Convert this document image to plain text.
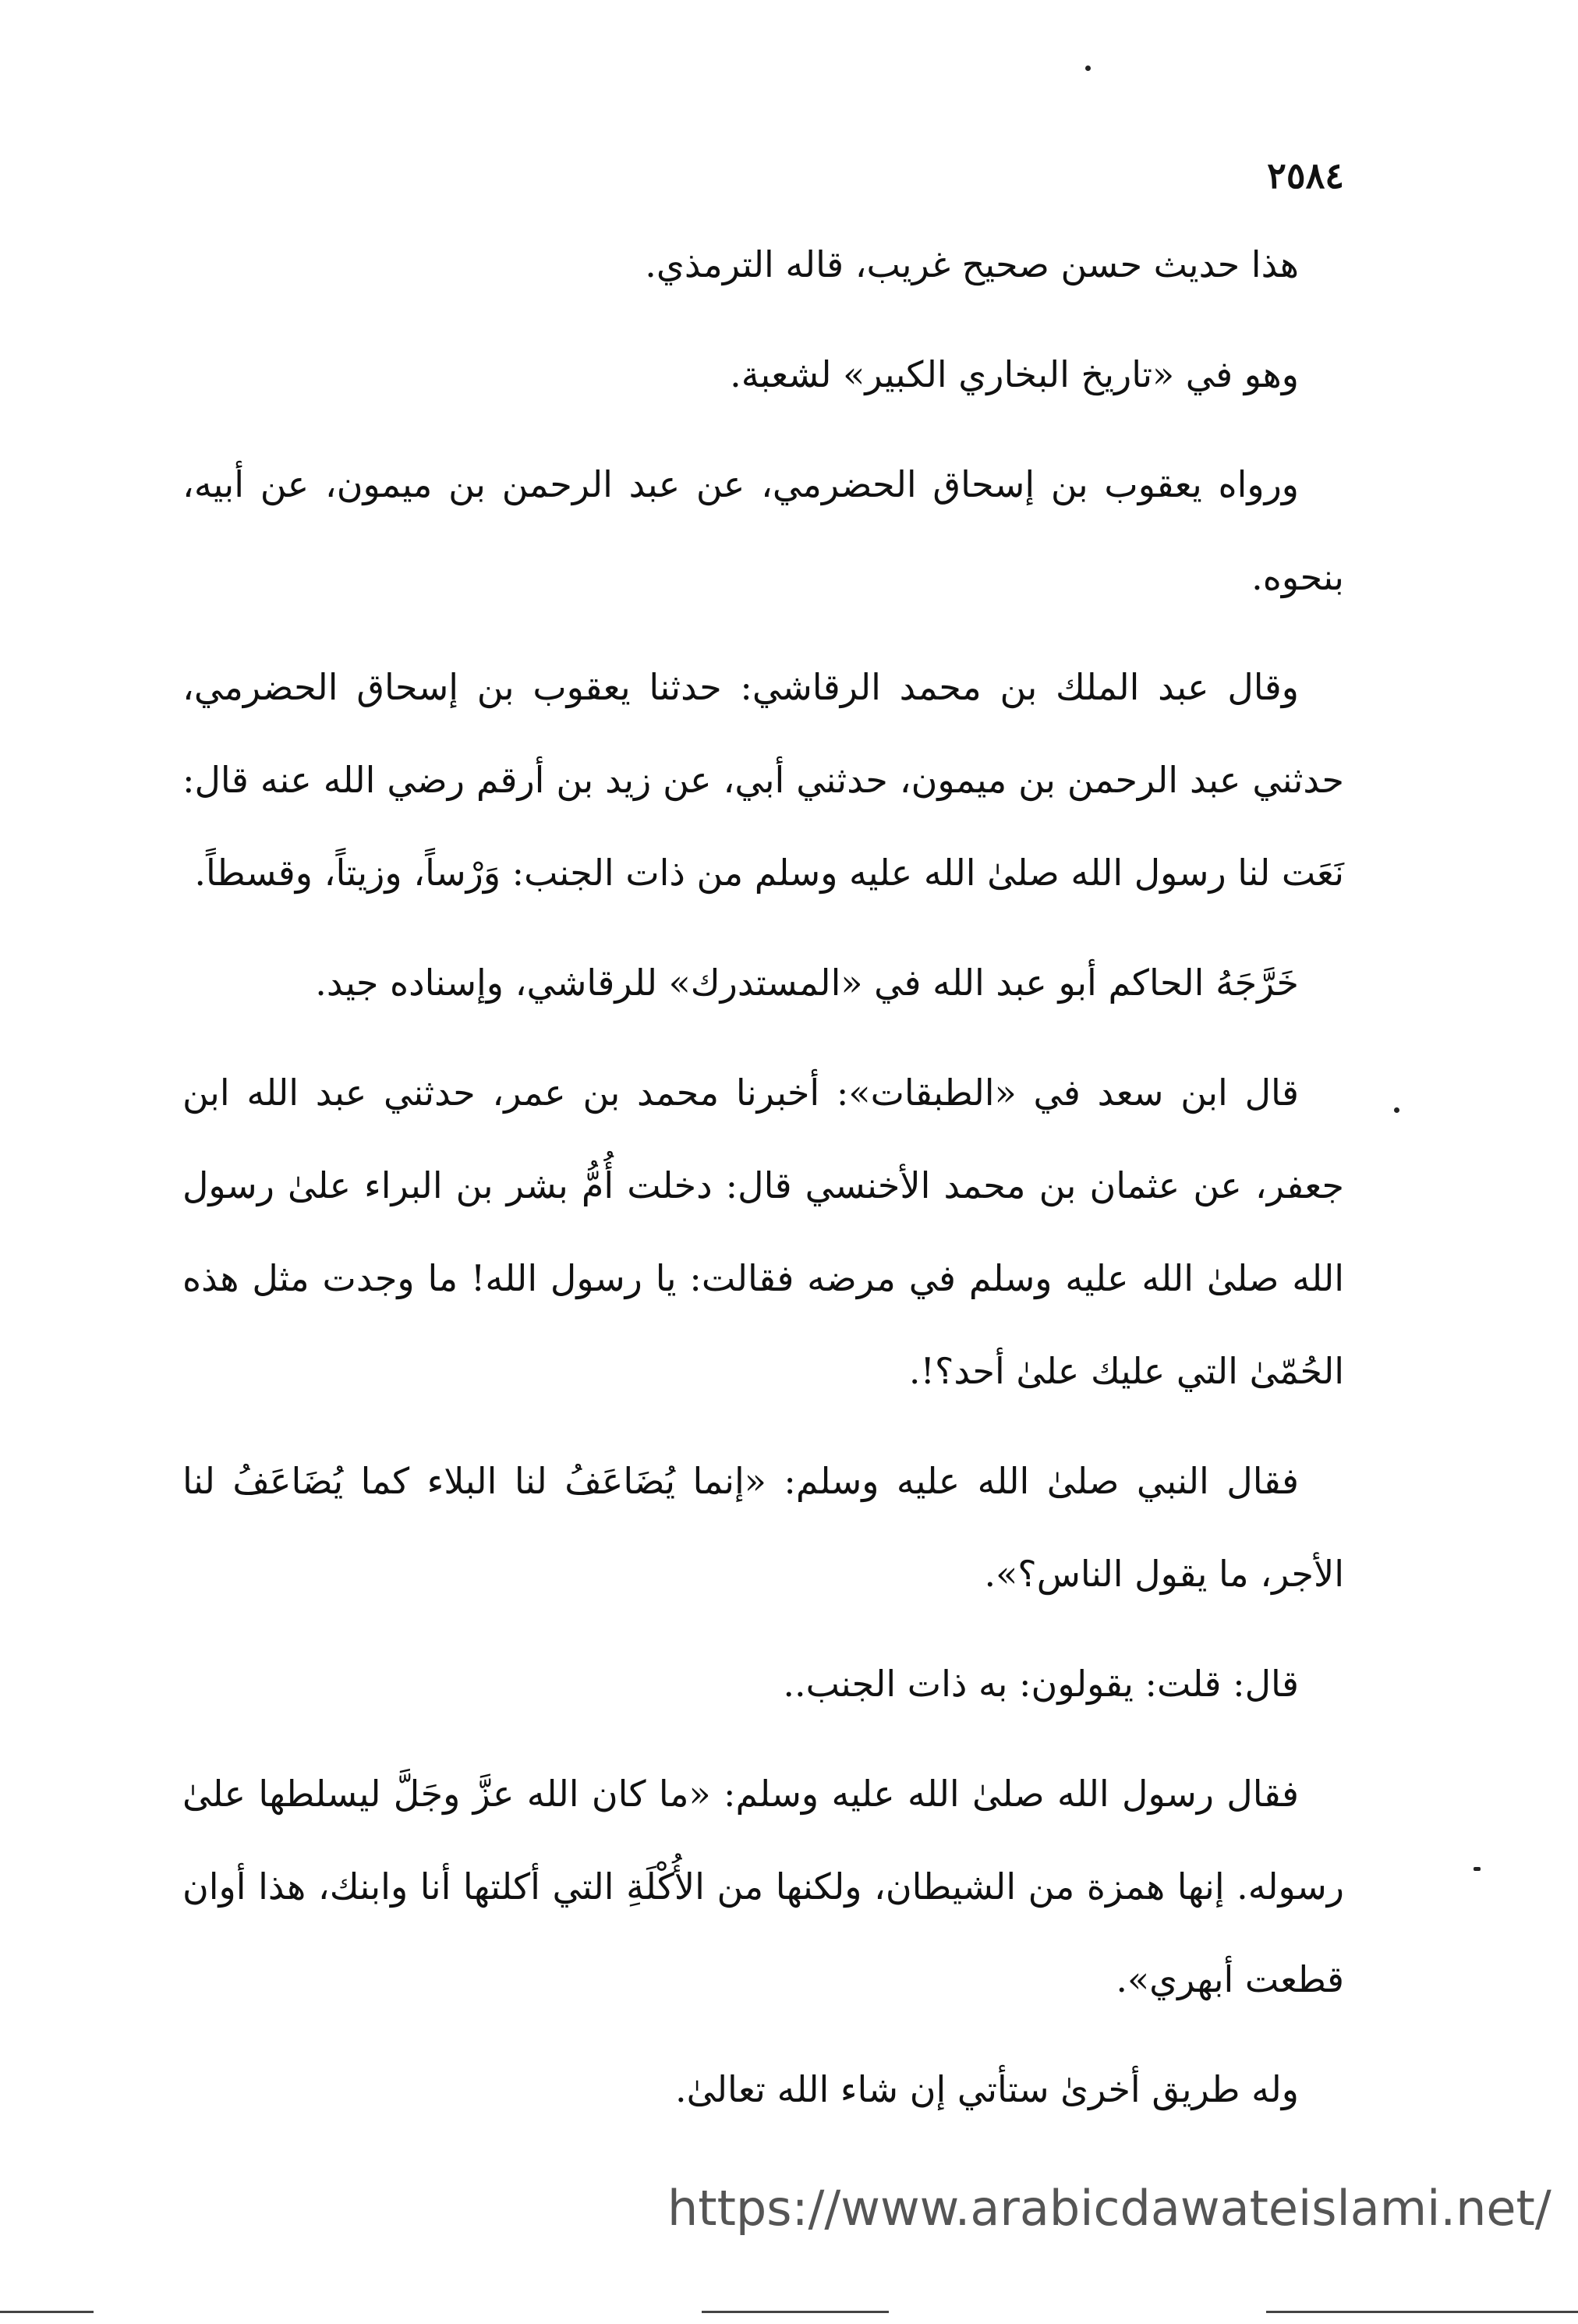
٢٥٨٤

هذا حديث حسن صحيح غريب، قاله الترمذي.

وهو في «تاريخ البخاري الكبير» لشعبة.

ورواه يعقوب بن إسحاق الحضرمي، عن عبد الرحمن بن ميمون، عن أبيه، بنحوه.

وقال عبد الملك بن محمد الرقاشي: حدثنا يعقوب بن إسحاق الحضرمي، حدثني عبد الرحمن بن ميمون، حدثني أبي، عن زيد بن أرقم رضي الله عنه قال: نَعَت لنا رسول الله صلىٰ الله عليه وسلم من ذات الجنب: وَرْساً، وزيتاً، وقسطاً.

خَرَّجَهُ الحاكم أبو عبد الله في «المستدرك» للرقاشي، وإسناده جيد.

قال ابن سعد في «الطبقات»: أخبرنا محمد بن عمر، حدثني عبد الله ابن جعفر، عن عثمان بن محمد الأخنسي قال: دخلت أُمُّ بشر بن البراء علىٰ رسول الله صلىٰ الله عليه وسلم في مرضه فقالت: يا رسول الله! ما وجدت مثل هذه الحُمّىٰ التي عليك علىٰ أحد؟!.

فقال النبي صلىٰ الله عليه وسلم: «إنما يُضَاعَفُ لنا البلاء كما يُضَاعَفُ لنا الأجر، ما يقول الناس؟».

قال: قلت: يقولون: به ذات الجنب..

فقال رسول الله صلىٰ الله عليه وسلم: «ما كان الله عزَّ وجَلَّ ليسلطها علىٰ رسوله. إنها همزة من الشيطان، ولكنها من الأُكْلَةِ التي أكلتها أنا وابنك، هذا أوان قطعت أبهري».

وله طريق أخرىٰ ستأتي إن شاء الله تعالىٰ.

https://www.arabicdawateislami.net/
